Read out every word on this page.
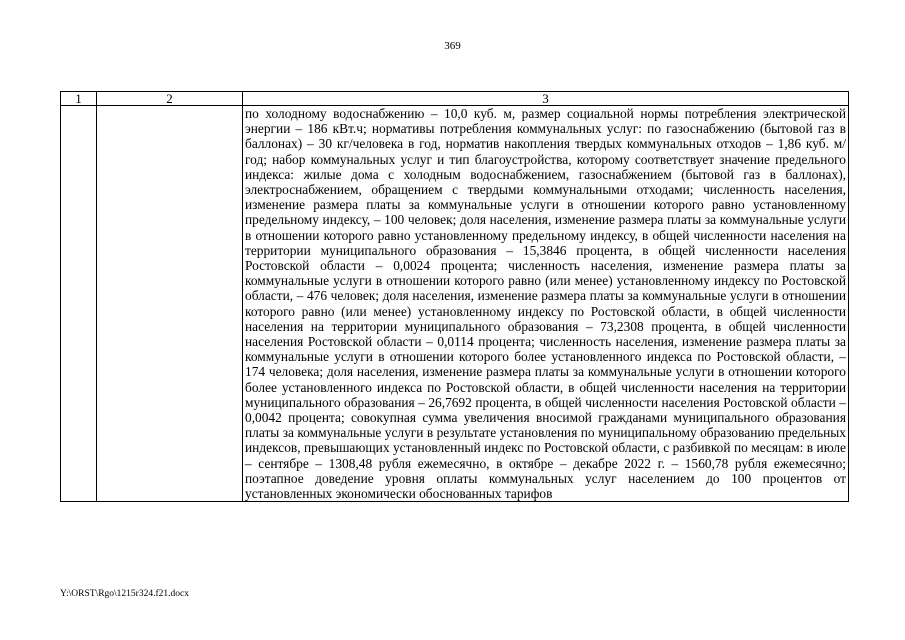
369
1	2	3
		по холодному водоснабжению – 10,0 куб. м, размер социальной нормы потребления электрической энергии – 186 кВт.ч; нормативы потребления коммунальных услуг: по газоснабжению (бытовой газ в баллонах) – 30 кг/человека в год, норматив накопления твердых коммунальных отходов – 1,86 куб. м/год; набор коммунальных услуг и тип благоустройства, которому соответствует значение предельного индекса: жилые дома с холодным водоснабжением, газоснабжением (бытовой газ в баллонах), электроснабжением, обращением с твердыми коммунальными отходами; численность населения, изменение размера платы за коммунальные услуги в отношении которого равно установленному предельному индексу, – 100 человек; доля населения, изменение размера платы за коммунальные услуги в отношении которого равно установленному предельному индексу, в общей численности населения на территории муниципального образования – 15,3846 процента, в общей численности населения Ростовской области – 0,0024 процента; численность населения, изменение размера платы за коммунальные услуги в отношении которого равно (или менее) установленному индексу по Ростовской области, – 476 человек; доля населения, изменение размера платы за коммунальные услуги в отношении которого равно (или менее) установленному индексу по Ростовской области, в общей численности населения на территории муниципального образования – 73,2308 процента, в общей численности населения Ростовской области – 0,0114 процента; численность населения, изменение размера платы за коммунальные услуги в отношении которого более установленного индекса по Ростовской области, – 174 человека; доля населения, изменение размера платы за коммунальные услуги в отношении которого более установленного индекса по Ростовской области, в общей численности населения на территории муниципального образования – 26,7692 процента, в общей численности населения Ростовской области – 0,0042 процента; совокупная сумма увеличения вносимой гражданами муниципального образования платы за коммунальные услуги в результате установления по муниципальному образованию предельных индексов, превышающих установленный индекс по Ростовской области, с разбивкой по месяцам: в июле – сентябре – 1308,48 рубля ежемесячно, в октябре – декабре 2022 г. – 1560,78 рубля ежемесячно; поэтапное доведение уровня оплаты коммунальных услуг населением до 100 процентов от установленных экономически обоснованных тарифов
Y:\ORST\Rgo\1215r324.f21.docx
